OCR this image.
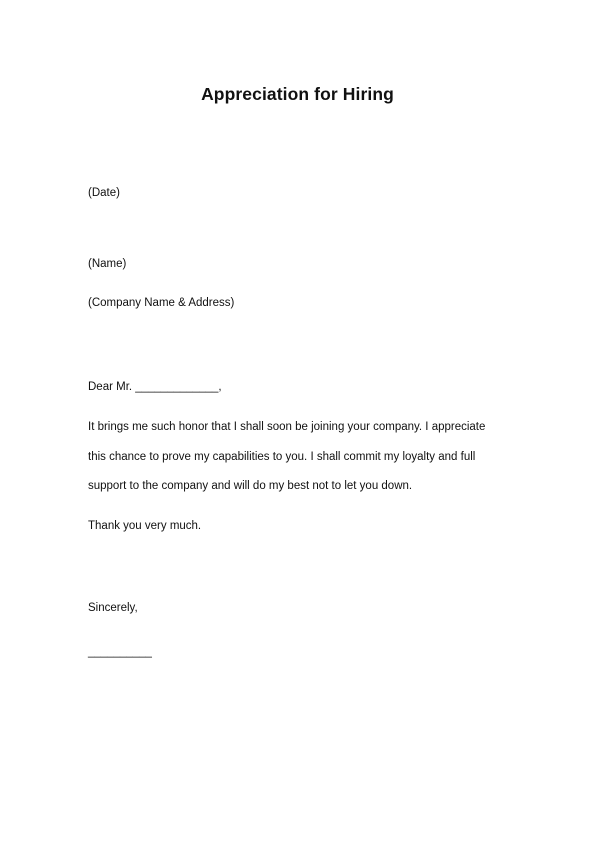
Appreciation for Hiring
(Date)
(Name)
(Company Name & Address)
Dear Mr. _____________,
It brings me such honor that I shall soon be joining your company. I appreciate
this chance to prove my capabilities to you. I shall commit my loyalty and full
support to the company and will do my best not to let you down.
Thank you very much.
Sincerely,
__________
